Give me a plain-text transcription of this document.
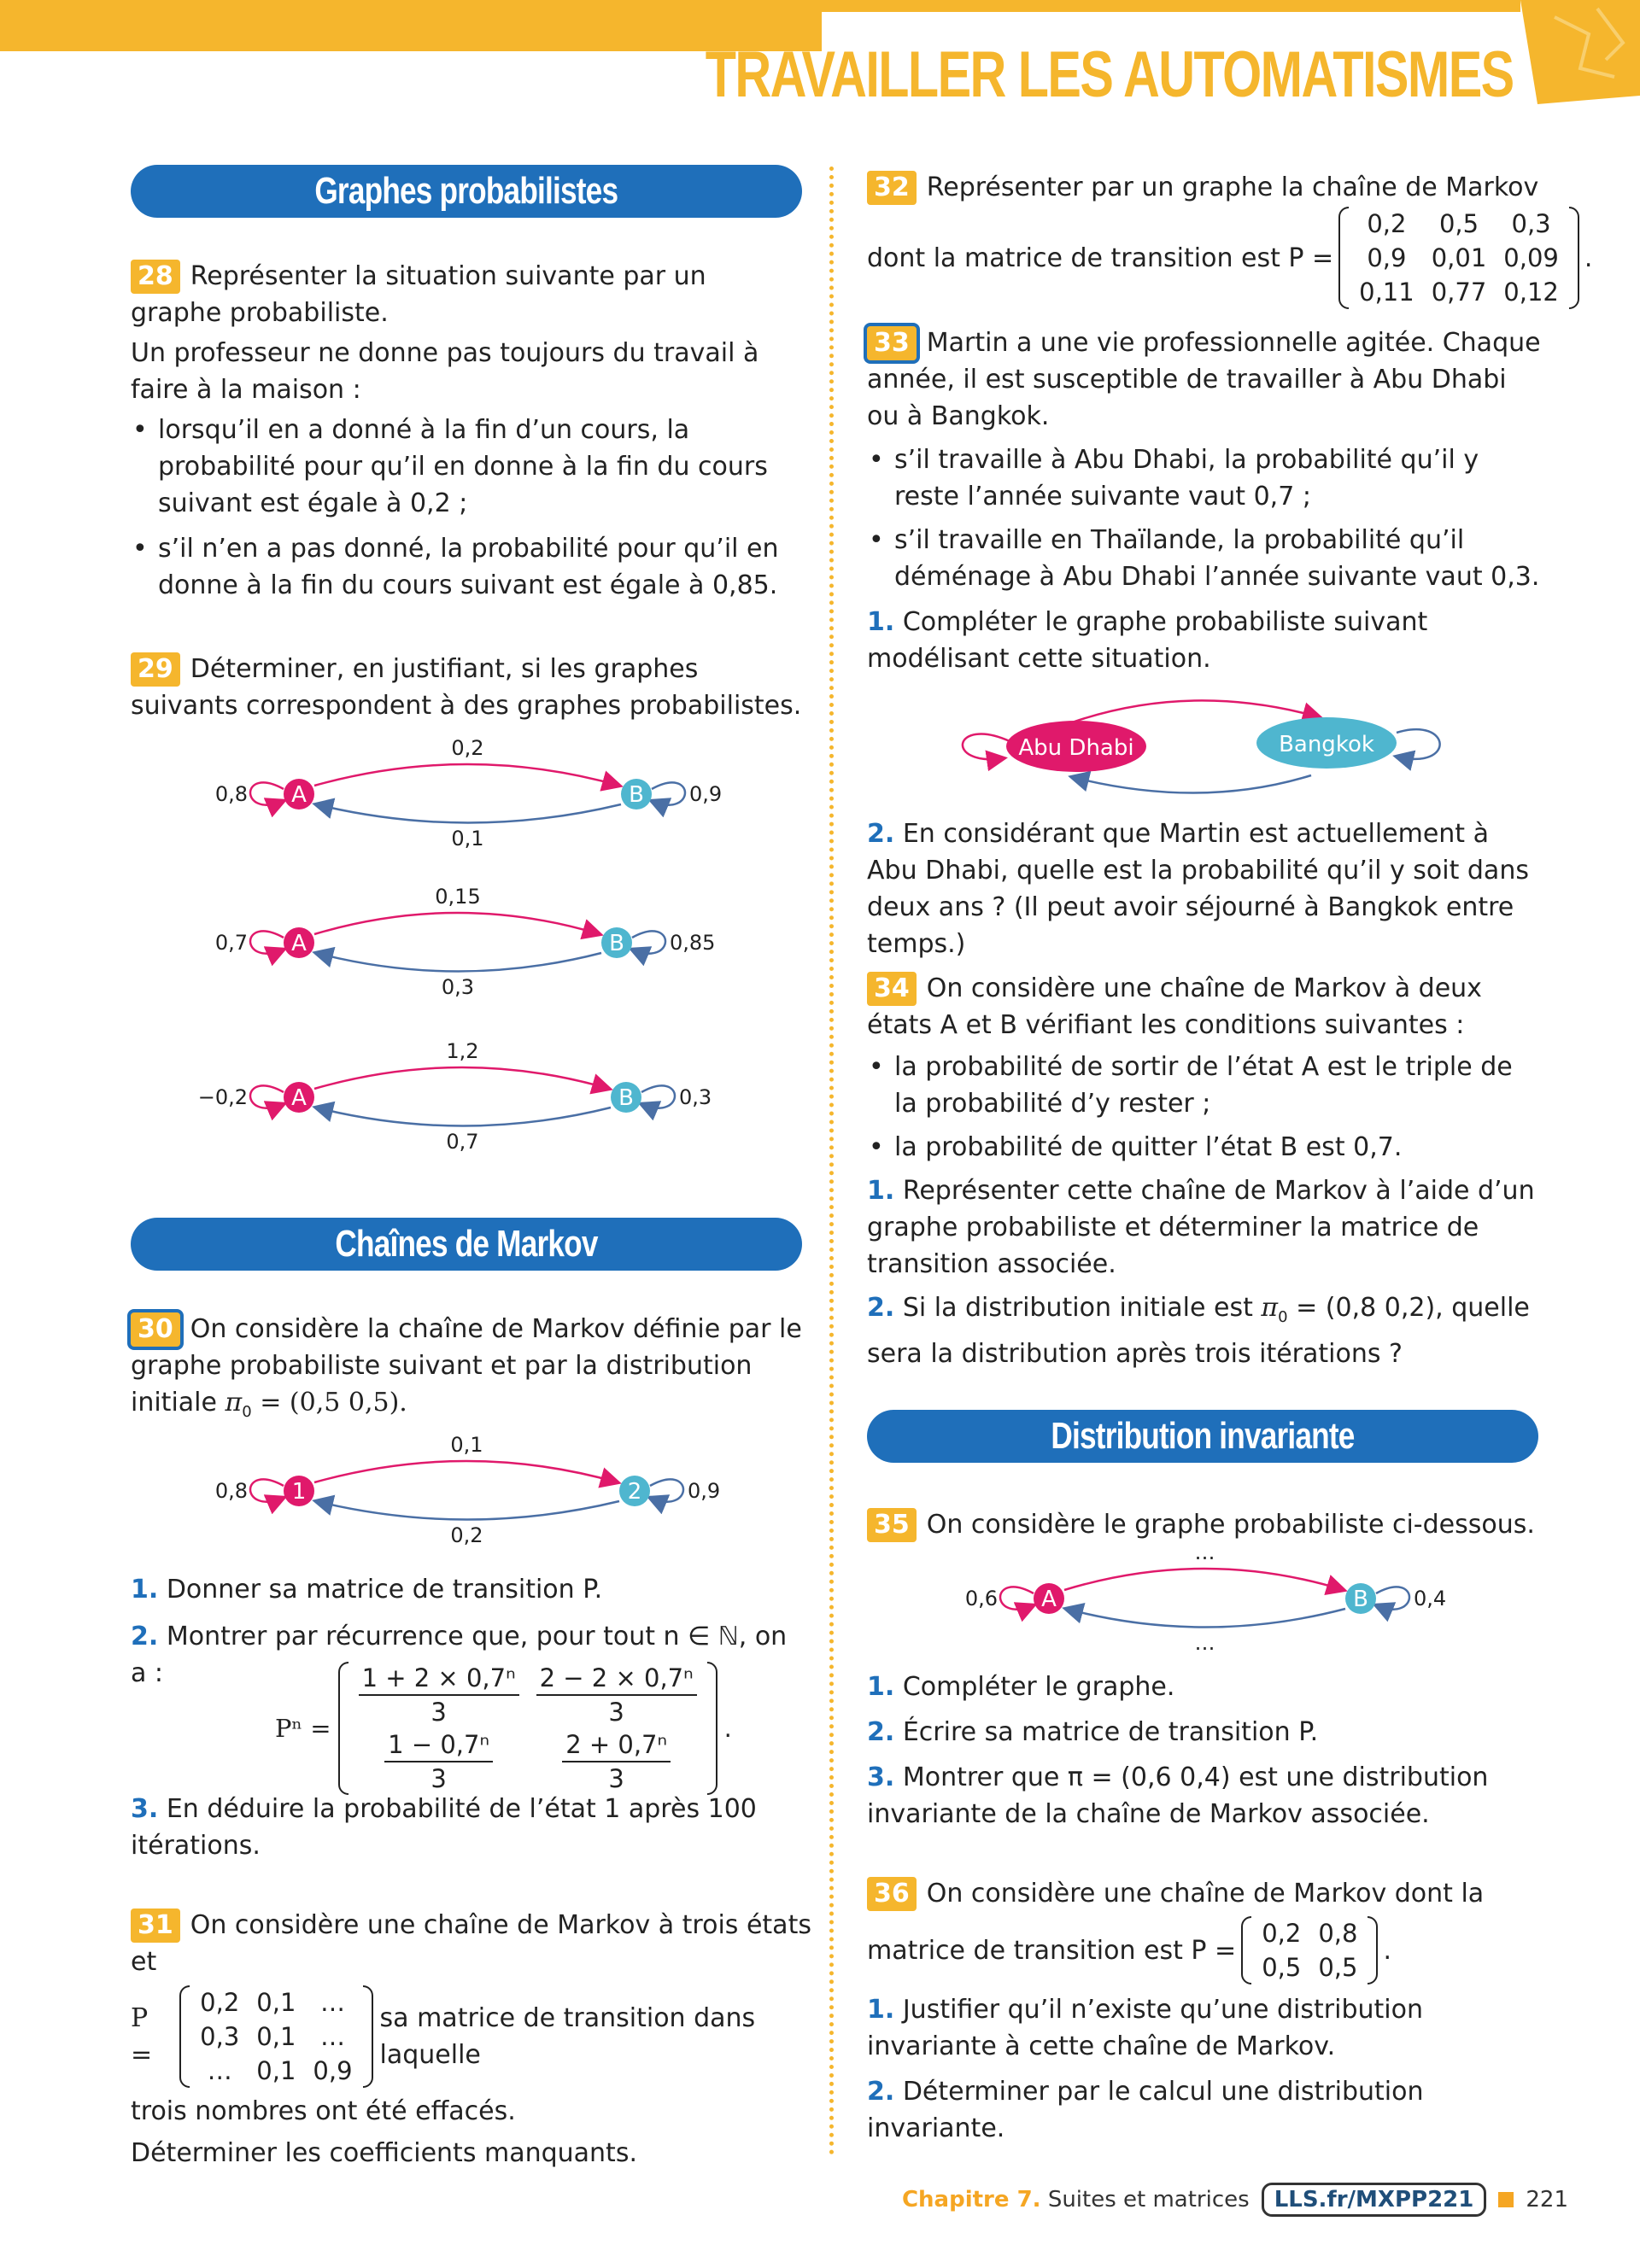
TRAVAILLER LES AUTOMATISMES
Graphes probabilistes
28 Représenter la situation suivante par un graphe probabiliste.
Un professeur ne donne pas toujours du travail à faire à la maison :
• lorsqu’il en a donné à la fin d’un cours, la probabilité pour qu’il en donne à la fin du cours suivant est égale à 0,2 ;
• s’il n’en a pas donné, la probabilité pour qu’il en donne à la fin du cours suivant est égale à 0,85.
29 Déterminer, en justifiant, si les graphes suivants correspondent à des graphes probabilistes.
A	B
0,8	0,9
0,2
0,1
A	B
0,7	0,85
0,15
0,3
A	B
−0,2	0,3
1,2
0,7
Chaînes de Markov
30 On considère la chaîne de Markov définie par le graphe probabiliste suivant et par la distribution initiale $\pi_0 = (0,5$ 0,5).
1	2
0,8	0,9
0,1
0,2
1. Donner sa matrice de transition P.
2. Montrer par récurrence que, pour tout n ∈ ℕ, on a :
$P^n = \frac{\text{1 + 2 × 0,7ⁿ}}{3}$	$\frac{\text{2 − 2 × 0,7ⁿ}}{3}$

$\frac{\text{1 − 0,7ⁿ}}{3}$	$\frac{\text{2 + 0,7ⁿ}}{3}$ .
3. En déduire la probabilité de l’état 1 après 100 itérations.
31 On considère une chaîne de Markov à trois états et
P =
0,2	0,1	…
0,3	0,1	…
…	0,1	0,9
sa matrice de transition dans laquelle
trois nombres ont été effacés.
Déterminer les coefficients manquants.
32 Représenter par un graphe la chaîne de Markov
dont la matrice de transition est P =
0,2	0,5	0,3
0,9	0,01	0,09
0,11	0,77	0,12
.
33 Martin a une vie professionnelle agitée. Chaque année, il est susceptible de travailler à Abu Dhabi ou à Bangkok.
• s’il travaille à Abu Dhabi, la probabilité qu’il y reste l’année suivante vaut 0,7 ;
• s’il travaille en Thaïlande, la probabilité qu’il déménage à Abu Dhabi l’année suivante vaut 0,3.
1. Compléter le graphe probabiliste suivant modélisant cette situation.
Abu Dhabi	Bangkok
2. En considérant que Martin est actuellement à Abu Dhabi, quelle est la probabilité qu’il y soit dans deux ans ? (Il peut avoir séjourné à Bangkok entre temps.)
34 On considère une chaîne de Markov à deux états A et B vérifiant les conditions suivantes :
• la probabilité de sortir de l’état A est le triple de la probabilité d’y rester ;
• la probabilité de quitter l’état B est 0,7.
1. Représenter cette chaîne de Markov à l’aide d’un graphe probabiliste et déterminer la matrice de transition associée.
2. Si la distribution initiale est $\pi_0 = (0,8$ 0,2), quelle sera la distribution après trois itérations ?
Distribution invariante
35 On considère le graphe probabiliste ci-dessous.
A	B
0,6	0,4
…
…
1. Compléter le graphe.
2. Écrire sa matrice de transition P.
3. Montrer que π = (0,6 0,4) est une distribution invariante de la chaîne de Markov associée.
36 On considère une chaîne de Markov dont la
matrice de transition est P =
0,2	0,8
0,5	0,5
.
1. Justifier qu’il n’existe qu’une distribution invariante à cette chaîne de Markov.
2. Déterminer par le calcul une distribution invariante.
Chapitre 7. Suites et matrices	LLS.fr/MXPP221	221
